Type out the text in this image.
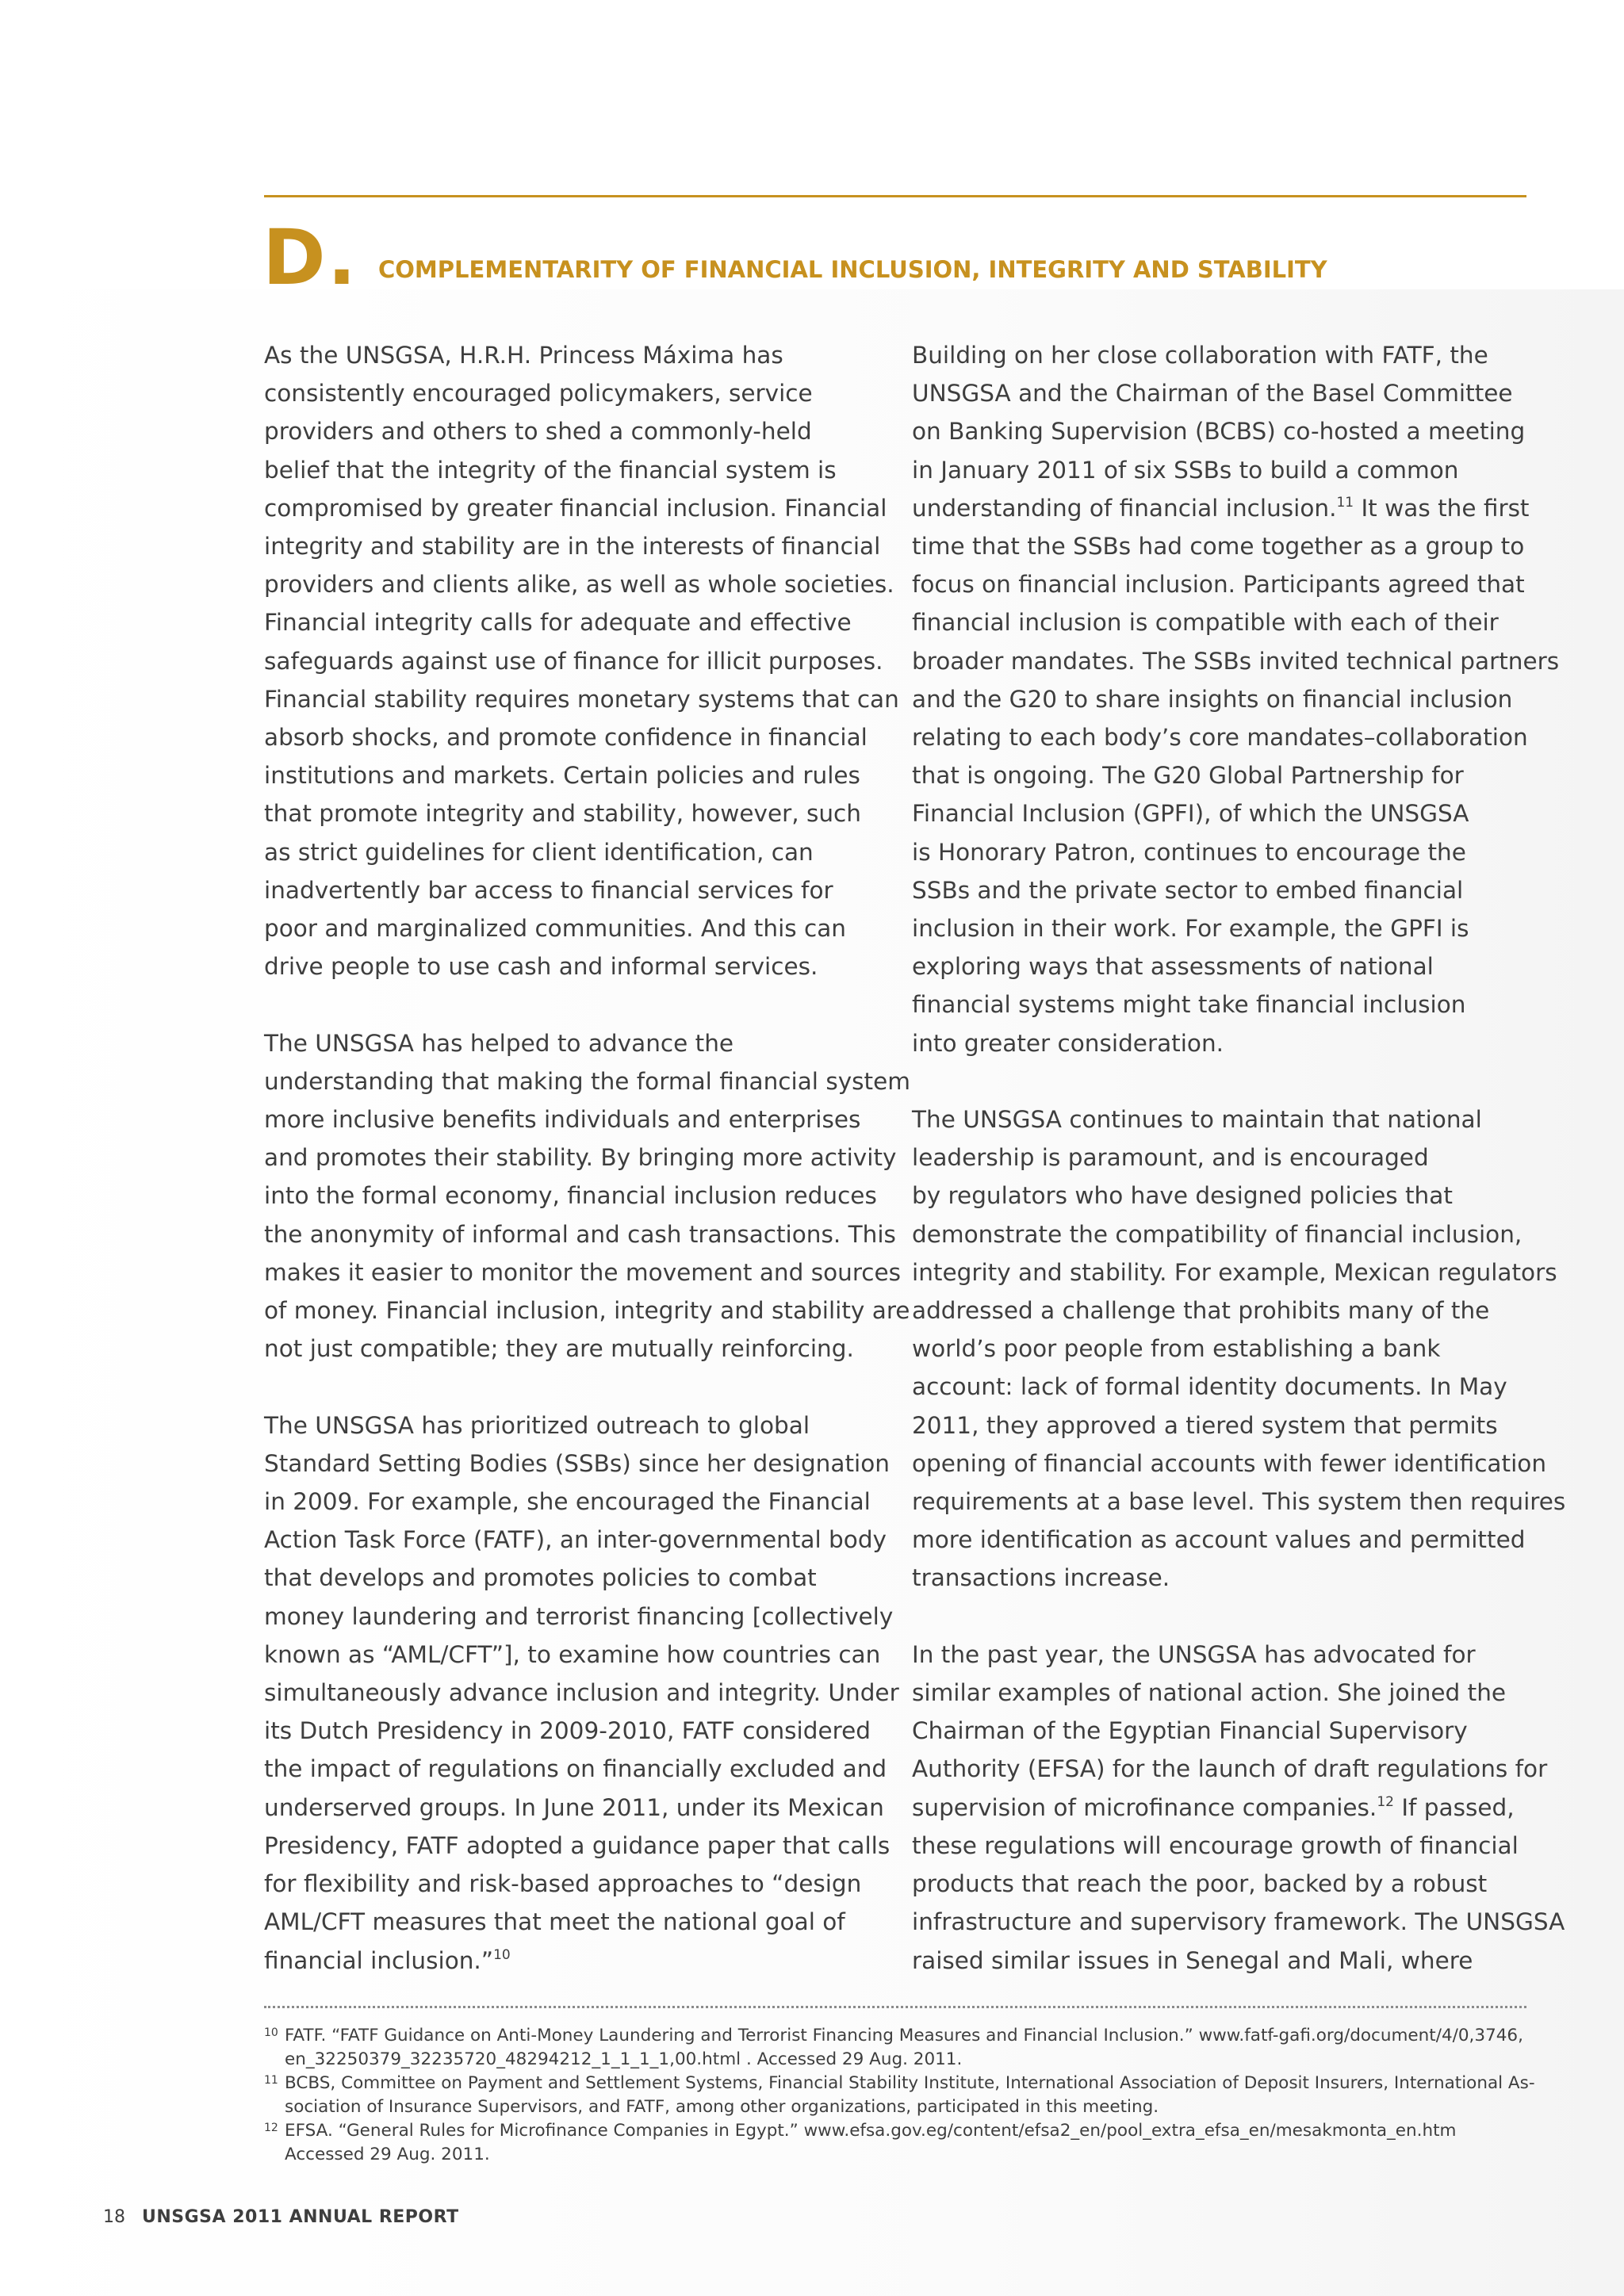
D. COMPLEMENTARITY OF FINANCIAL INCLUSION, INTEGRITY AND STABILITY

As the UNSGSA, H.R.H. Princess Máxima has
consistently encouraged policymakers, service
providers and others to shed a commonly-held
belief that the integrity of the financial system is
compromised by greater financial inclusion. Financial
integrity and stability are in the interests of financial
providers and clients alike, as well as whole societies.
Financial integrity calls for adequate and effective
safeguards against use of finance for illicit purposes.
Financial stability requires monetary systems that can
absorb shocks, and promote confidence in financial
institutions and markets. Certain policies and rules
that promote integrity and stability, however, such
as strict guidelines for client identification, can
inadvertently bar access to financial services for
poor and marginalized communities. And this can
drive people to use cash and informal services.

The UNSGSA has helped to advance the
understanding that making the formal financial system
more inclusive benefits individuals and enterprises
and promotes their stability. By bringing more activity
into the formal economy, financial inclusion reduces
the anonymity of informal and cash transactions. This
makes it easier to monitor the movement and sources
of money. Financial inclusion, integrity and stability are
not just compatible; they are mutually reinforcing.

The UNSGSA has prioritized outreach to global
Standard Setting Bodies (SSBs) since her designation
in 2009. For example, she encouraged the Financial
Action Task Force (FATF), an inter-governmental body
that develops and promotes policies to combat
money laundering and terrorist financing [collectively
known as “AML/CFT”], to examine how countries can
simultaneously advance inclusion and integrity. Under
its Dutch Presidency in 2009-2010, FATF considered
the impact of regulations on financially excluded and
underserved groups. In June 2011, under its Mexican
Presidency, FATF adopted a guidance paper that calls
for flexibility and risk-based approaches to “design
AML/CFT measures that meet the national goal of
financial inclusion.”$^{10}$

Building on her close collaboration with FATF, the
UNSGSA and the Chairman of the Basel Committee
on Banking Supervision (BCBS) co-hosted a meeting
in January 2011 of six SSBs to build a common
understanding of financial inclusion.$^{11}$ It was the first
time that the SSBs had come together as a group to
focus on financial inclusion. Participants agreed that
financial inclusion is compatible with each of their
broader mandates. The SSBs invited technical partners
and the G20 to share insights on financial inclusion
relating to each body’s core mandates–collaboration
that is ongoing. The G20 Global Partnership for
Financial Inclusion (GPFI), of which the UNSGSA
is Honorary Patron, continues to encourage the
SSBs and the private sector to embed financial
inclusion in their work. For example, the GPFI is
exploring ways that assessments of national
financial systems might take financial inclusion
into greater consideration.

The UNSGSA continues to maintain that national
leadership is paramount, and is encouraged
by regulators who have designed policies that
demonstrate the compatibility of financial inclusion,
integrity and stability. For example, Mexican regulators
addressed a challenge that prohibits many of the
world’s poor people from establishing a bank
account: lack of formal identity documents. In May
2011, they approved a tiered system that permits
opening of financial accounts with fewer identification
requirements at a base level. This system then requires
more identification as account values and permitted
transactions increase.

In the past year, the UNSGSA has advocated for
similar examples of national action. She joined the
Chairman of the Egyptian Financial Supervisory
Authority (EFSA) for the launch of draft regulations for
supervision of microfinance companies.$^{12}$ If passed,
these regulations will encourage growth of financial
products that reach the poor, backed by a robust
infrastructure and supervisory framework. The UNSGSA
raised similar issues in Senegal and Mali, where

10 FATF. “FATF Guidance on Anti-Money Laundering and Terrorist Financing Measures and Financial Inclusion.” www.fatf-gafi.org/document/4/0,3746,
en_32250379_32235720_48294212_1_1_1_1,00.html . Accessed 29 Aug. 2011.
11 BCBS, Committee on Payment and Settlement Systems, Financial Stability Institute, International Association of Deposit Insurers, International As-
sociation of Insurance Supervisors, and FATF, among other organizations, participated in this meeting.
12 EFSA. “General Rules for Microfinance Companies in Egypt.” www.efsa.gov.eg/content/efsa2_en/pool_extra_efsa_en/mesakmonta_en.htm
Accessed 29 Aug. 2011.
18 UNSGSA 2011 ANNUAL REPORT
